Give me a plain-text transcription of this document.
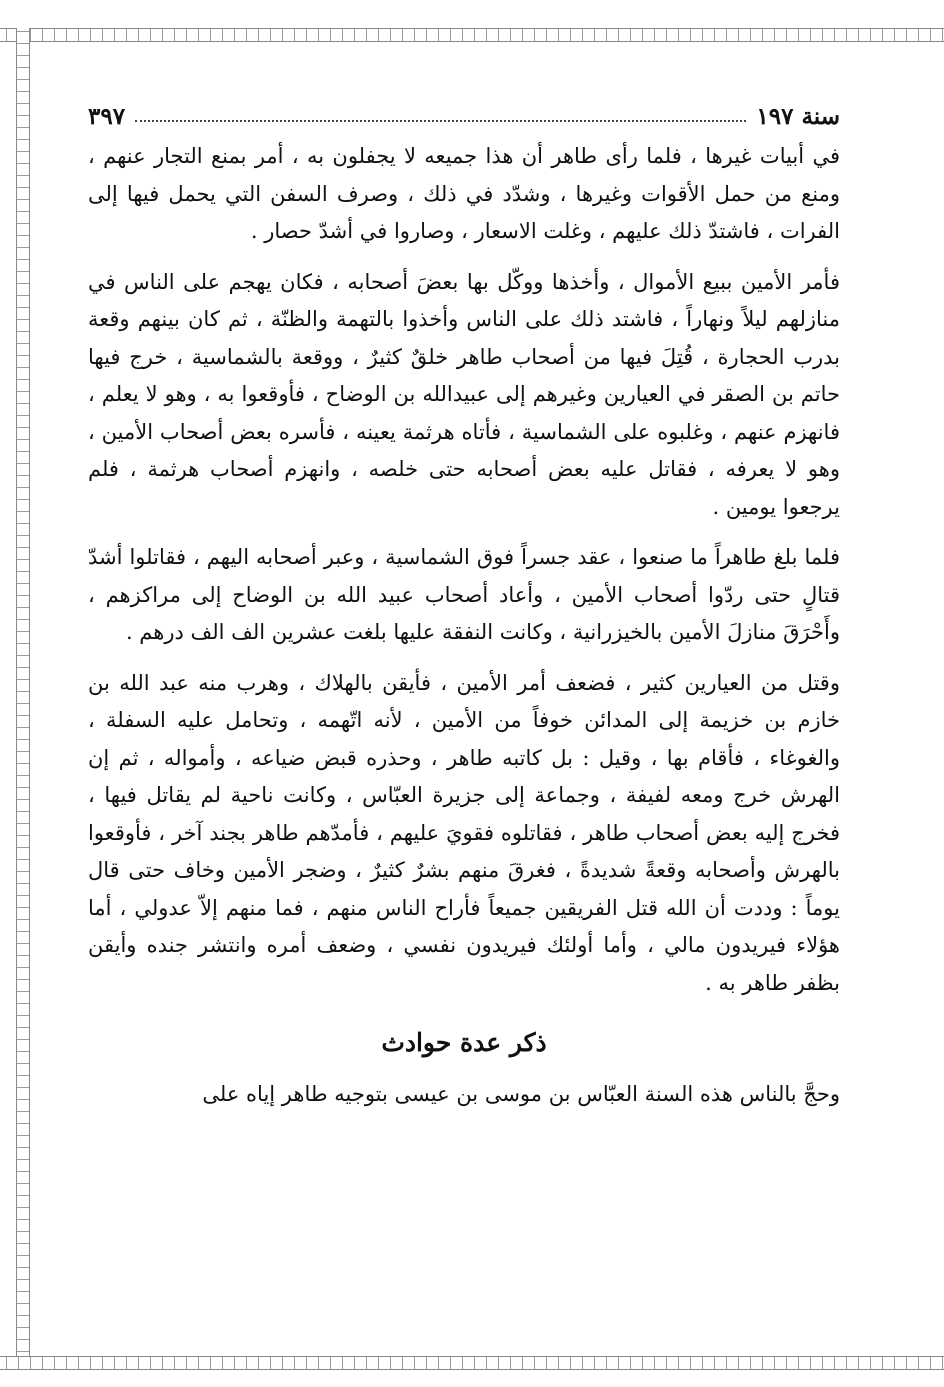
سنة ١٩٧
٣٩٧

في أبيات غيرها ، فلما رأى طاهر أن هذا جميعه لا يجفلون به ، أمر بمنع التجار عنهم ، ومنع من حمل الأقوات وغيرها ، وشدّد في ذلك ، وصرف السفن التي يحمل فيها إلى الفرات ، فاشتدّ ذلك عليهم ، وغلت الاسعار ، وصاروا في أشدّ حصار .

فأمر الأمين ببيع الأموال ، وأخذها ووكّل بها بعضَ أصحابه ، فكان يهجم على الناس في منازلهم ليلاً ونهاراً ، فاشتد ذلك على الناس وأخذوا بالتهمة والظنّة ، ثم كان بينهم وقعة بدرب الحجارة ، قُتِلَ فيها من أصحاب طاهر خلقٌ كثيرٌ ، ووقعة بالشماسية ، خرج فيها حاتم بن الصقر في العيارين وغيرهم إلى عبيدالله بن الوضاح ، فأوقعوا به ، وهو لا يعلم ، فانهزم عنهم ، وغلبوه على الشماسية ، فأتاه هرثمة يعينه ، فأسره بعض أصحاب الأمين ، وهو لا يعرفه ، فقاتل عليه بعض أصحابه حتى خلصه ، وانهزم أصحاب هرثمة ، فلم يرجعوا يومين .

فلما بلغ طاهراً ما صنعوا ، عقد جسراً فوق الشماسية ، وعبر أصحابه اليهم ، فقاتلوا أشدّ قتالٍ حتى ردّوا أصحاب الأمين ، وأعاد أصحاب عبيد الله بن الوضاح إلى مراكزهم ، وأَحْرَقَ منازلَ الأمين بالخيزرانية ، وكانت النفقة عليها بلغت عشرين الف الف درهم .

وقتل من العيارين كثير ، فضعف أمر الأمين ، فأيقن بالهلاك ، وهرب منه عبد الله بن خازم بن خزيمة إلى المدائن خوفاً من الأمين ، لأنه اتّهمه ، وتحامل عليه السفلة ، والغوغاء ، فأقام بها ، وقيل : بل كاتبه طاهر ، وحذره قبض ضياعه ، وأمواله ، ثم إن الهرش خرج ومعه لفيفة ، وجماعة إلى جزيرة العبّاس ، وكانت ناحية لم يقاتل فيها ، فخرج إليه بعض أصحاب طاهر ، فقاتلوه فقويَ عليهم ، فأمدّهم طاهر بجند آخر ، فأوقعوا بالهرش وأصحابه وقعةً شديدةً ، فغرقَ منهم بشرٌ كثيرٌ ، وضجر الأمين وخاف حتى قال يوماً : وددت أن الله قتل الفريقين جميعاً فأراح الناس منهم ، فما منهم إلاّ عدولي ، أما هؤلاء فيريدون مالي ، وأما أولئك فيريدون نفسي ، وضعف أمره وانتشر جنده وأيقن بظفر طاهر به .

ذكر عدة حوادث

وحجَّ بالناس هذه السنة العبّاس بن موسى بن عيسى بتوجيه طاهر إياه على
